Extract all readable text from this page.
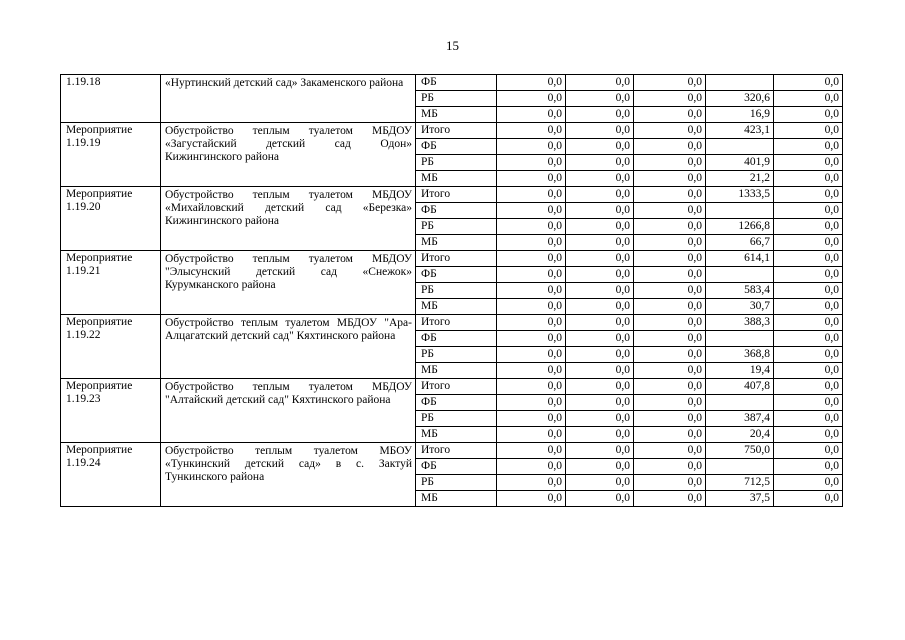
15
1.19.18	«Нуртинский детский сад» Закаменского района	ФБ	0,0	0,0	0,0		0,0
		РБ	0,0	0,0	0,0	320,6	0,0
		МБ	0,0	0,0	0,0	16,9	0,0
Мероприятие 1.19.19	Обустройство теплым туалетом МБДОУ «Загустайский детский сад Одон» Кижингинского района	Итого	0,0	0,0	0,0	423,1	0,0
		ФБ	0,0	0,0	0,0		0,0
		РБ	0,0	0,0	0,0	401,9	0,0
		МБ	0,0	0,0	0,0	21,2	0,0
Мероприятие 1.19.20	Обустройство теплым туалетом МБДОУ «Михайловский детский сад «Березка» Кижингинского района	Итого	0,0	0,0	0,0	1333,5	0,0
		ФБ	0,0	0,0	0,0		0,0
		РБ	0,0	0,0	0,0	1266,8	0,0
		МБ	0,0	0,0	0,0	66,7	0,0
Мероприятие 1.19.21	Обустройство теплым туалетом МБДОУ "Элысунский детский сад «Снежок» Курумканского района	Итого	0,0	0,0	0,0	614,1	0,0
		ФБ	0,0	0,0	0,0		0,0
		РБ	0,0	0,0	0,0	583,4	0,0
		МБ	0,0	0,0	0,0	30,7	0,0
Мероприятие 1.19.22	Обустройство теплым туалетом МБДОУ "Ара-Алцагатский детский сад" Кяхтинского района	Итого	0,0	0,0	0,0	388,3	0,0
		ФБ	0,0	0,0	0,0		0,0
		РБ	0,0	0,0	0,0	368,8	0,0
		МБ	0,0	0,0	0,0	19,4	0,0
Мероприятие 1.19.23	Обустройство теплым туалетом МБДОУ "Алтайский детский сад" Кяхтинского района	Итого	0,0	0,0	0,0	407,8	0,0
		ФБ	0,0	0,0	0,0		0,0
		РБ	0,0	0,0	0,0	387,4	0,0
		МБ	0,0	0,0	0,0	20,4	0,0
Мероприятие 1.19.24	Обустройство теплым туалетом МБОУ «Тункинский детский сад» в с. Зактуй Тункинского района	Итого	0,0	0,0	0,0	750,0	0,0
		ФБ	0,0	0,0	0,0		0,0
		РБ	0,0	0,0	0,0	712,5	0,0
		МБ	0,0	0,0	0,0	37,5	0,0
